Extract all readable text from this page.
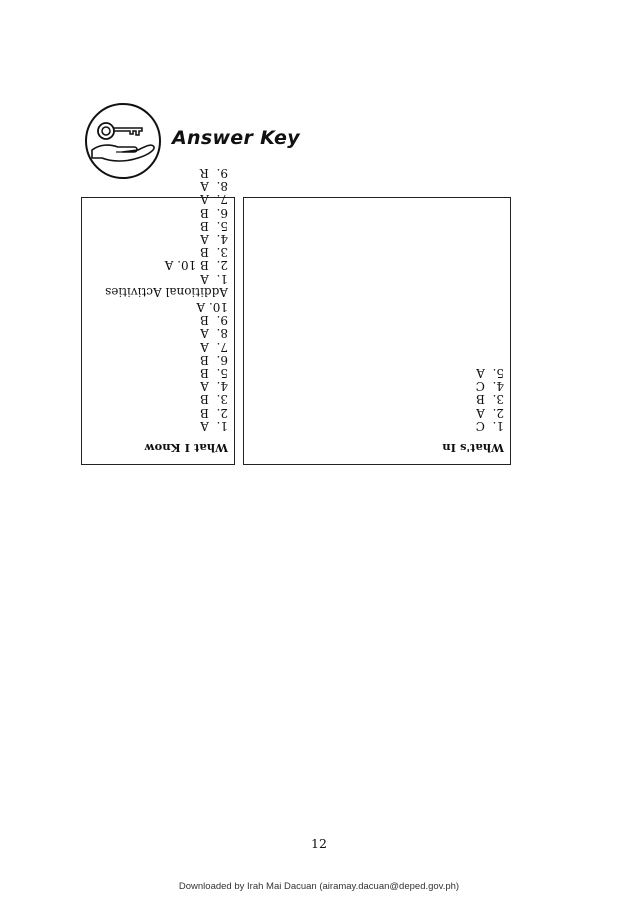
Answer Key
What I Know
1.  A
2.  B
3.  B
4.  A
5.  B
6.  B
7.  A
8.  A
9.  B
10. A
Additional Activities
1.  A
2.  B 10. A
3.  B
4.  A
5.  B
6.  B
7.  A
8.  A
9.  R
What's In
1.  C
2.  A
3.  B
4.  C
5.  A
12
Downloaded by Irah Mai Dacuan (airamay.dacuan@deped.gov.ph)
